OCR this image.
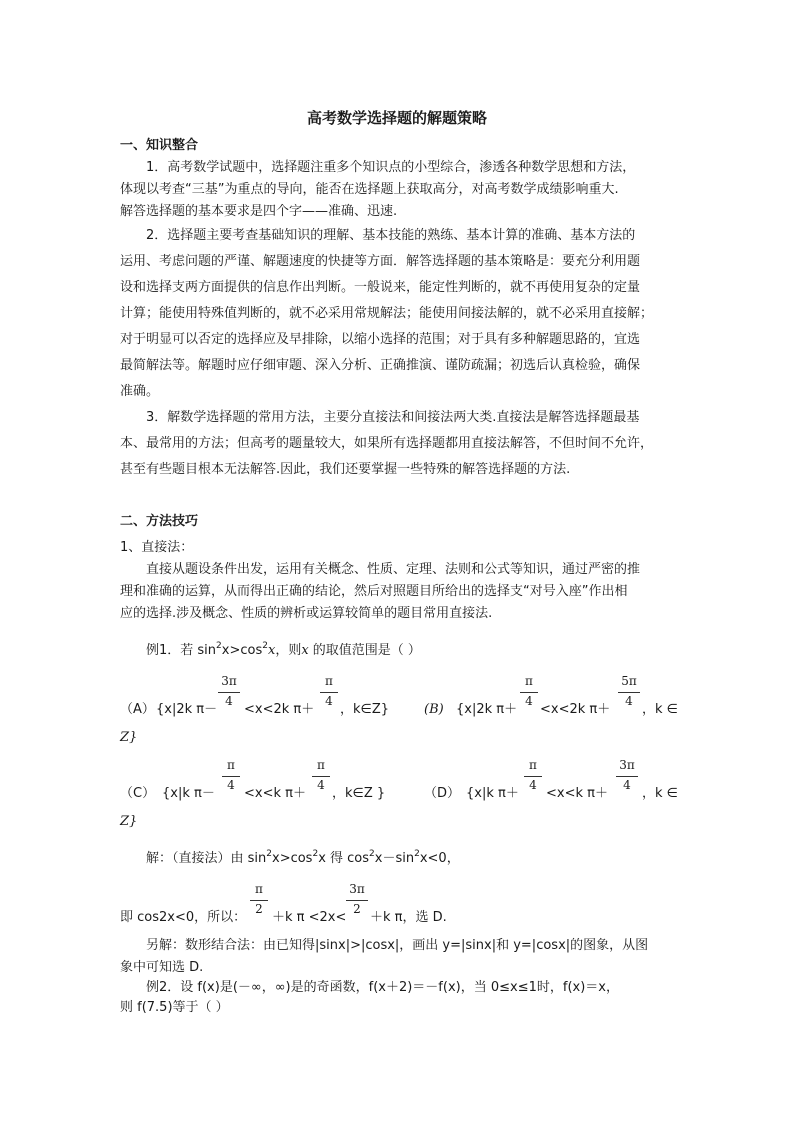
高考数学选择题的解题策略
一、知识整合
1．高考数学试题中，选择题注重多个知识点的小型综合，渗透各种数学思想和方法，
体现以考查“三基”为重点的导向，能否在选择题上获取高分，对高考数学成绩影响重大.
解答选择题的基本要求是四个字——准确、迅速.
2．选择题主要考查基础知识的理解、基本技能的熟练、基本计算的准确、基本方法的
运用、考虑问题的严谨、解题速度的快捷等方面．解答选择题的基本策略是：要充分利用题
设和选择支两方面提供的信息作出判断。一般说来，能定性判断的，就不再使用复杂的定量
计算；能使用特殊值判断的，就不必采用常规解法；能使用间接法解的，就不必采用直接解；
对于明显可以否定的选择应及早排除，以缩小选择的范围；对于具有多种解题思路的，宜选
最简解法等。解题时应仔细审题、深入分析、正确推演、谨防疏漏；初选后认真检验，确保
准确。
3．解数学选择题的常用方法，主要分直接法和间接法两大类.直接法是解答选择题最基
本、最常用的方法；但高考的题量较大，如果所有选择题都用直接法解答，不但时间不允许，
甚至有些题目根本无法解答.因此，我们还要掌握一些特殊的解答选择题的方法.
二、方法技巧
1、直接法：
直接从题设条件出发，运用有关概念、性质、定理、法则和公式等知识，通过严密的推
理和准确的运算，从而得出正确的结论，然后对照题目所给出的选择支“对号入座”作出相
应的选择.涉及概念、性质的辨析或运算较简单的题目常用直接法.
例1．若 $\sin^2x>\cos^2x$，则x 的取值范围是（ ）
（A） {x|2k π－
3π
4
<x<2k π＋
π
4
，k∈Z}	(B) {x|2k π＋
π
4
<x<2k π＋
5π
4
，k ∈
Z}
（C） {x|k π－
π
4
<x<k π＋
π
4
，k∈Z }	（D） {x|k π＋
π
4
<x<k π＋
3π
4
，k ∈
Z}
解：（直接法）由 $\sin^2x>\cos^2x$ 得 $\cos^2x-\sin^2x<0$，
即 cos2x<0，所以：
π
2
＋k π <2x<
3π
2
＋k π，选 D.
另解：数形结合法：由已知得|sinx|>|cosx|，画出 y=|sinx|和 y=|cosx|的图象，从图
象中可知选 D.
例2．设 f(x)是(－∞，∞)是的奇函数，f(x＋2)＝－f(x)，当 0≤x≤1时，f(x)＝x，
则 f(7.5)等于（ ）
